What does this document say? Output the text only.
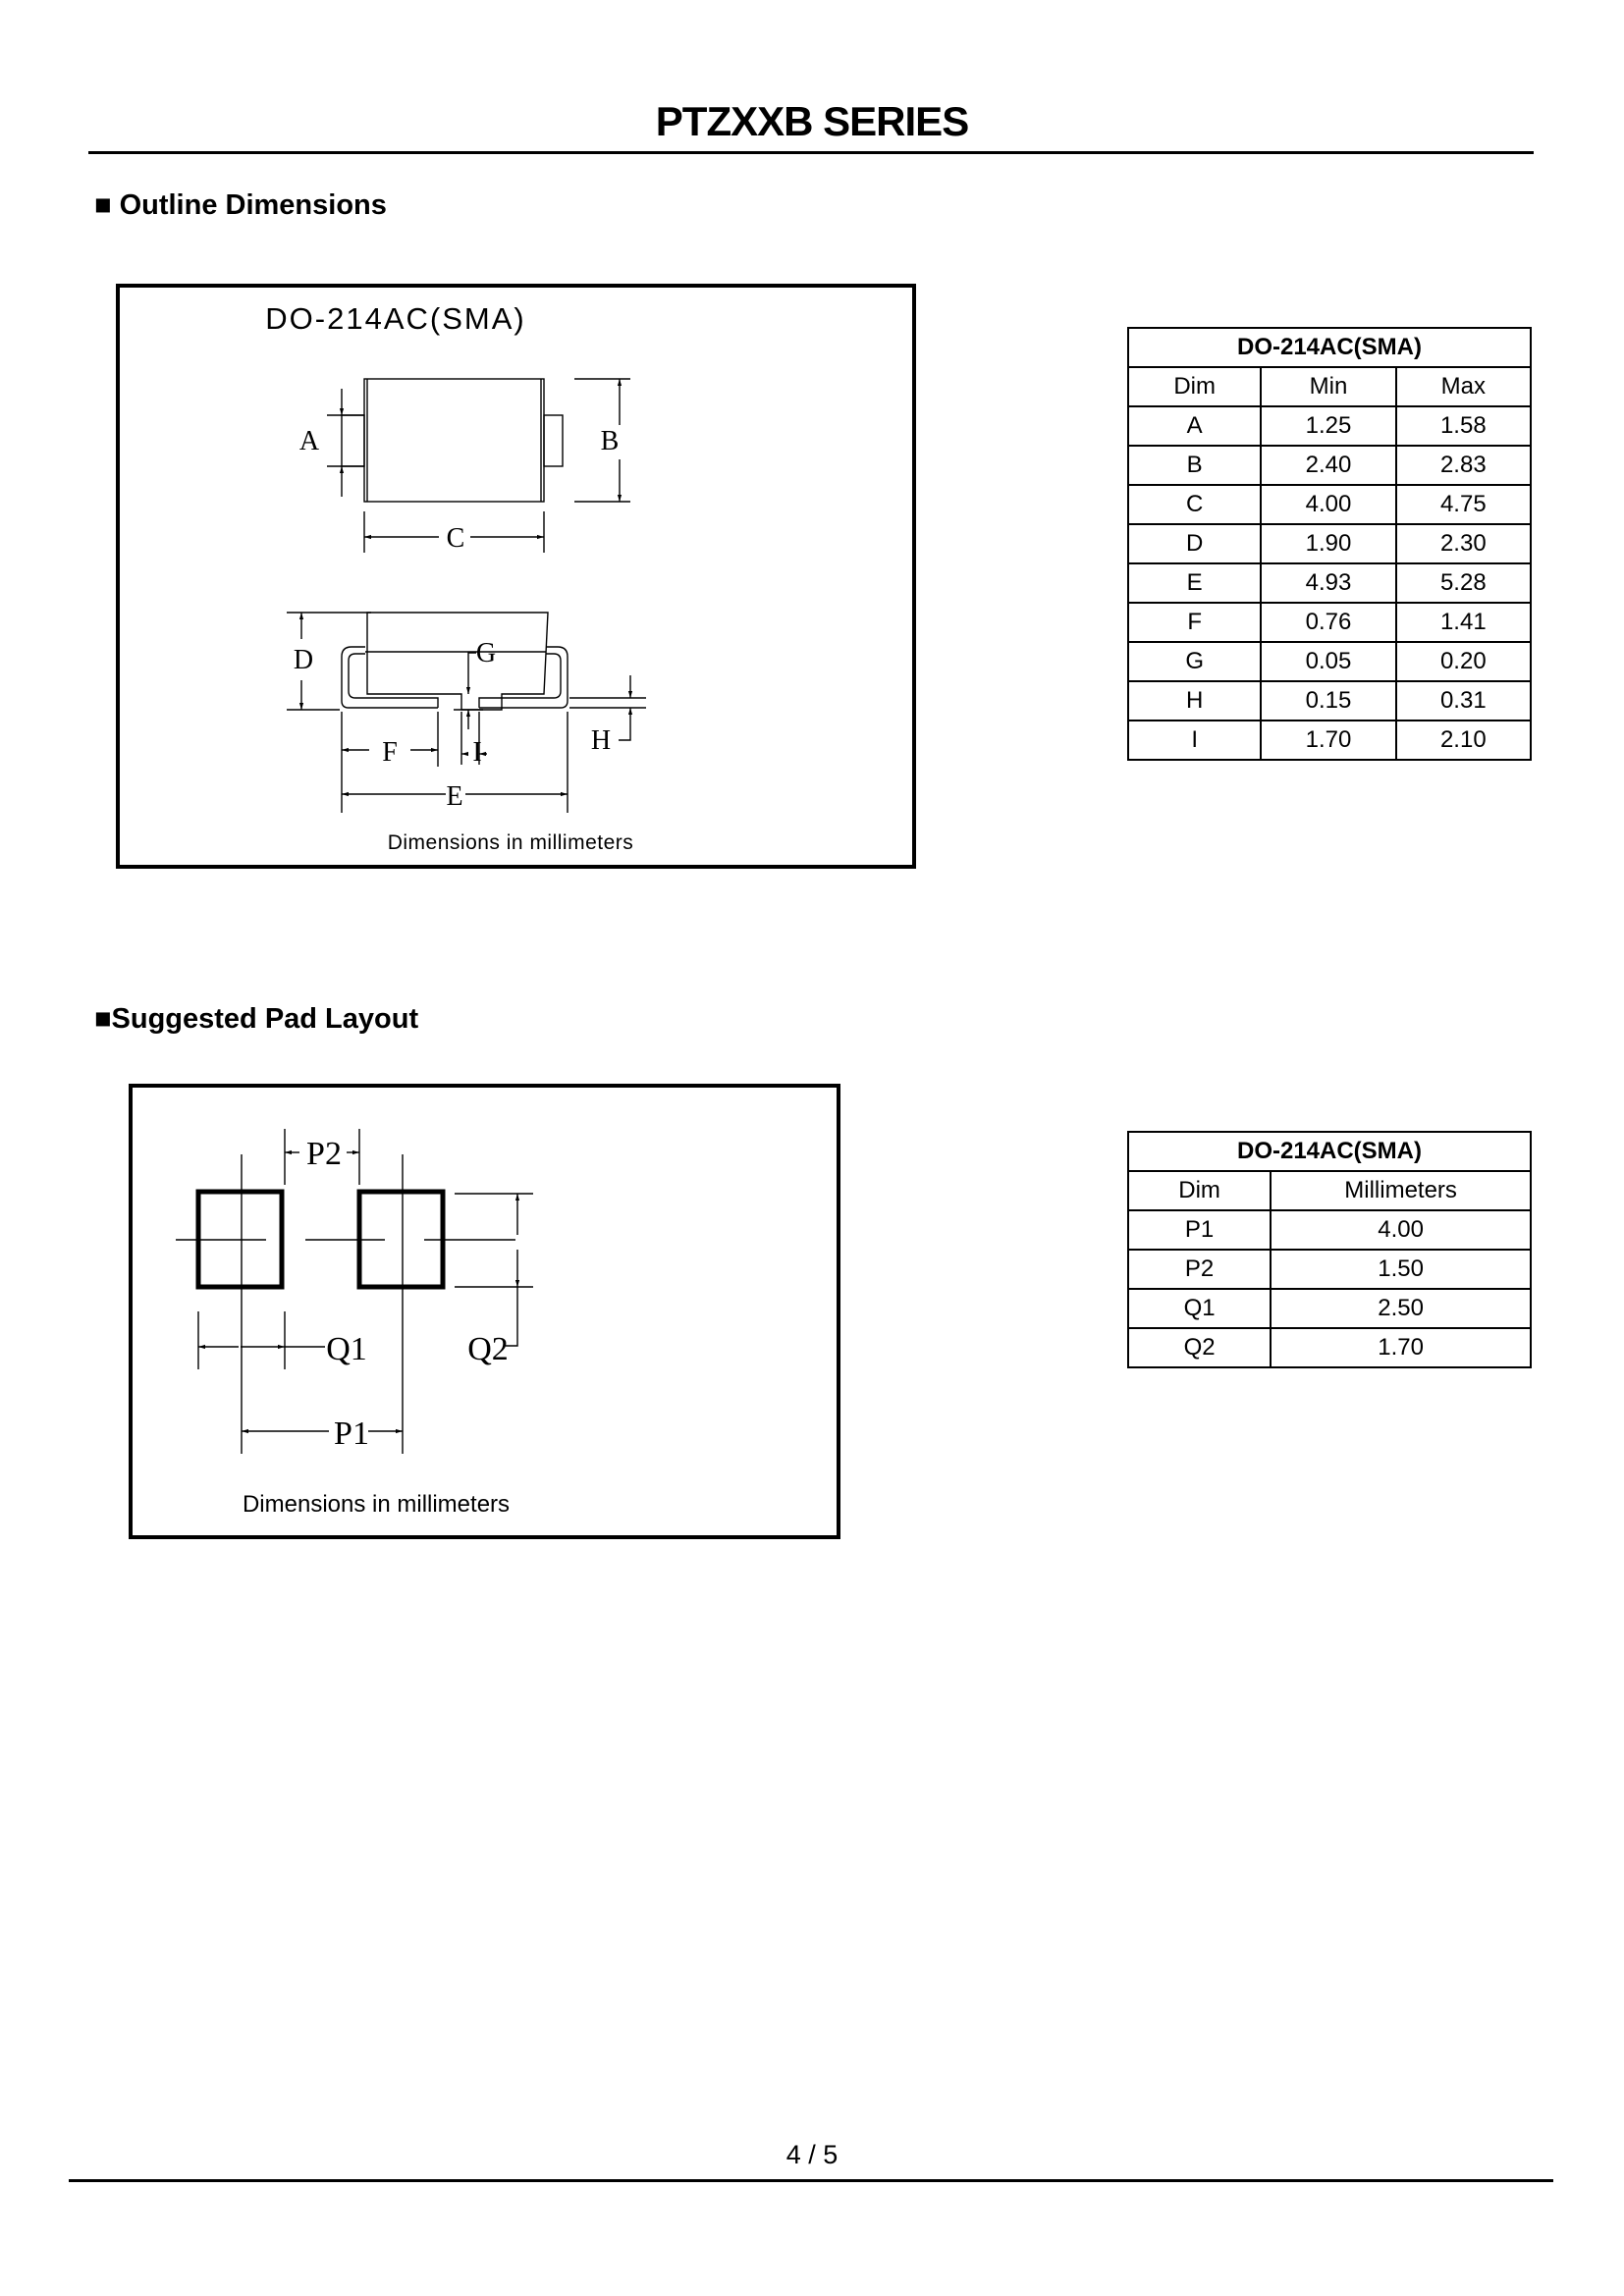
PTZXXB SERIES
■ Outline Dimensions
DO-214AC(SMA)
A	B
C
D
E
F
G
H
I
Dimensions in millimeters
DO-214AC(SMA)		
Dim	Min	Max
A	1.25	1.58
B	2.40	2.83
C	4.00	4.75
D	1.90	2.30
E	4.93	5.28
F	0.76	1.41
G	0.05	0.20
H	0.15	0.31
I	1.70	2.10
■Suggested Pad Layout
P2
Q1	Q2
P1
Dimensions in millimeters
DO-214AC(SMA)	
Dim	Millimeters
P1	4.00
P2	1.50
Q1	2.50
Q2	1.70
4 / 5
